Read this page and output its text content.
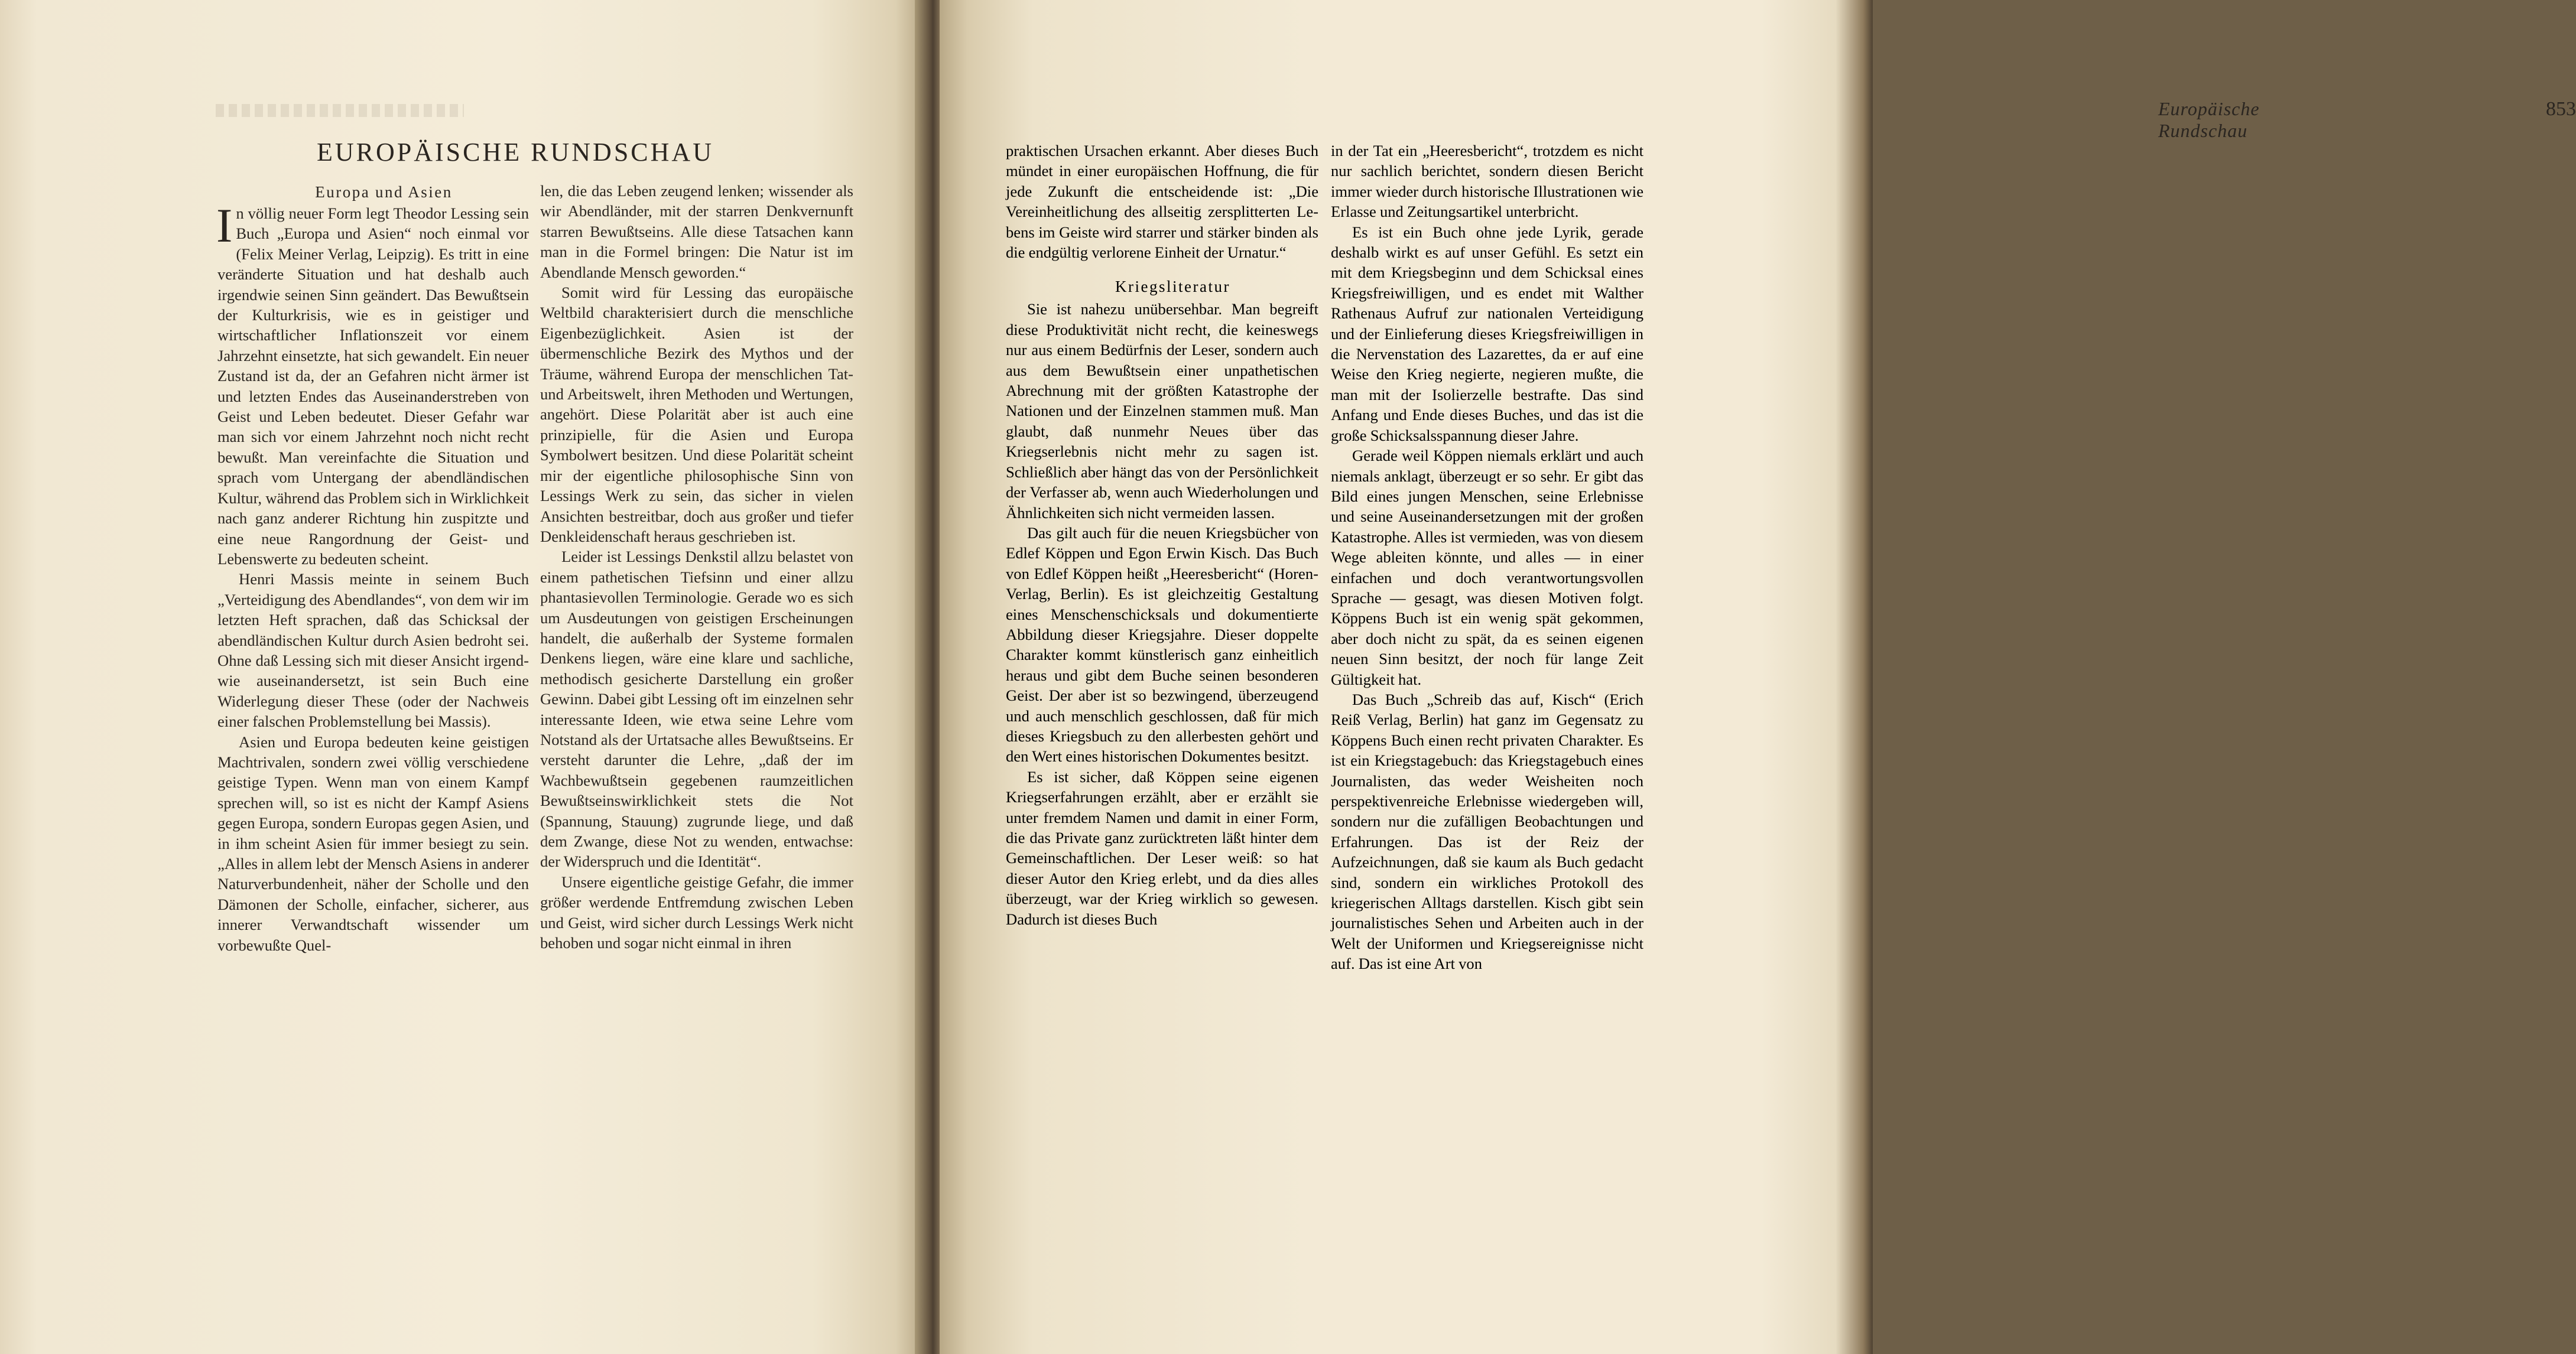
EUROPÄISCHE RUNDSCHAU

Europa und Asien

In völlig neuer Form legt Theodor Lessing sein Buch „Europa und Asien“ noch einmal vor (Felix Meiner Verlag, Leipzig). Es tritt in eine veränderte Situation und hat deshalb auch irgendwie seinen Sinn geändert. Das Bewußtsein der Kulturkrisis, wie es in geistiger und wirtschaftlicher Inflationszeit vor einem Jahrzehnt einsetzte, hat sich gewandelt. Ein neuer Zustand ist da, der an Gefahren nicht ärmer ist und letzten Endes das Auseinanderstreben von Geist und Leben bedeutet. Dieser Gefahr war man sich vor einem Jahrzehnt noch nicht recht bewußt. Man vereinfachte die Situation und sprach vom Untergang der abendländischen Kultur, während das Problem sich in Wirklichkeit nach ganz anderer Richtung hin zuspitzte und eine neue Rangordnung der Geist- und Lebenswerte zu bedeuten scheint.

Henri Massis meinte in seinem Buch „Verteidigung des Abendlandes“, von dem wir im letzten Heft sprachen, daß das Schicksal der abendländischen Kultur durch Asien bedroht sei. Ohne daß Lessing sich mit dieser Ansicht irgendwie auseinandersetzt, ist sein Buch eine Widerlegung dieser These (oder der Nachweis einer falschen Problemstellung bei Massis).

Asien und Europa bedeuten keine geistigen Machtrivalen, sondern zwei völlig verschiedene geistige Typen. Wenn man von einem Kampf sprechen will, so ist es nicht der Kampf Asiens gegen Europa, sondern Europas gegen Asien, und in ihm scheint Asien für immer besiegt zu sein. „Alles in allem lebt der Mensch Asiens in anderer Naturverbundenheit, näher der Scholle und den Dämonen der Scholle, einfacher, sicherer, aus innerer Verwandtschaft wissender um vorbewußte Quel-

len, die das Leben zeugend lenken; wissender als wir Abendländer, mit der starren Denkvernunft starren Bewußtseins. Alle diese Tatsachen kann man in die Formel bringen: Die Natur ist im Abendlande Mensch geworden.“

Somit wird für Lessing das europäische Weltbild charakterisiert durch die menschliche Eigenbezüglichkeit. Asien ist der übermenschliche Bezirk des Mythos und der Träume, während Europa der menschlichen Tat- und Arbeitswelt, ihren Methoden und Wertungen, angehört. Diese Polarität aber ist auch eine prinzipielle, für die Asien und Europa Symbolwert besitzen. Und diese Polarität scheint mir der eigentliche philosophische Sinn von Lessings Werk zu sein, das sicher in vielen Ansichten bestreitbar, doch aus großer und tiefer Denkleidenschaft heraus geschrieben ist.

Leider ist Lessings Denkstil allzu belastet von einem pathetischen Tiefsinn und einer allzu phantasievollen Terminologie. Gerade wo es sich um Ausdeutungen von geistigen Erscheinungen handelt, die außerhalb der Systeme formalen Denkens liegen, wäre eine klare und sachliche, methodisch gesicherte Darstellung ein großer Gewinn. Dabei gibt Lessing oft im einzelnen sehr interessante Ideen, wie etwa seine Lehre vom Notstand als der Urtatsache alles Bewußtseins. Er versteht darunter die Lehre, „daß der im Wachbewußtsein gegebenen raumzeitlichen Bewußtseinswirklichkeit stets die Not (Spannung, Stauung) zugrunde liege, und daß dem Zwange, diese Not zu wenden, entwachse: der Widerspruch und die Identität“.

Unsere eigentliche geistige Gefahr, die immer größer werdende Entfremdung zwischen Leben und Geist, wird sicher durch Lessings Werk nicht behoben und sogar nicht einmal in ihren

Europäische Rundschau
853

praktischen Ursachen erkannt. Aber dieses Buch mündet in einer europäischen Hoffnung, die für jede Zukunft die entscheidende ist: „Die Vereinheitlichung des allseitig zersplitterten Lebens im Geiste wird starrer und stärker binden als die endgültig verlorene Einheit der Urnatur.“

Kriegsliteratur

Sie ist nahezu unübersehbar. Man begreift diese Produktivität nicht recht, die keineswegs nur aus einem Bedürfnis der Leser, sondern auch aus dem Bewußtsein einer unpathetischen Abrechnung mit der größten Katastrophe der Nationen und der Einzelnen stammen muß. Man glaubt, daß nunmehr Neues über das Kriegserlebnis nicht mehr zu sagen ist. Schließlich aber hängt das von der Persönlichkeit der Verfasser ab, wenn auch Wiederholungen und Ähnlichkeiten sich nicht vermeiden lassen.

Das gilt auch für die neuen Kriegsbücher von Edlef Köppen und Egon Erwin Kisch. Das Buch von Edlef Köppen heißt „Heeresbericht“ (Horen-Verlag, Berlin). Es ist gleichzeitig Gestaltung eines Menschenschicksals und dokumentierte Abbildung dieser Kriegsjahre. Dieser doppelte Charakter kommt künstlerisch ganz einheitlich heraus und gibt dem Buche seinen besonderen Geist. Der aber ist so bezwingend, überzeugend und auch menschlich geschlossen, daß für mich dieses Kriegsbuch zu den allerbesten gehört und den Wert eines historischen Dokumentes besitzt.

Es ist sicher, daß Köppen seine eigenen Kriegserfahrungen erzählt, aber er erzählt sie unter fremdem Namen und damit in einer Form, die das Private ganz zurücktreten läßt hinter dem Gemeinschaftlichen. Der Leser weiß: so hat dieser Autor den Krieg erlebt, und da dies alles überzeugt, war der Krieg wirklich so gewesen. Dadurch ist dieses Buch

in der Tat ein „Heeresbericht“, trotzdem es nicht nur sachlich berichtet, sondern diesen Bericht immer wieder durch historische Illustrationen wie Erlasse und Zeitungsartikel unterbricht.

Es ist ein Buch ohne jede Lyrik, gerade deshalb wirkt es auf unser Gefühl. Es setzt ein mit dem Kriegsbeginn und dem Schicksal eines Kriegsfreiwilligen, und es endet mit Walther Rathenaus Aufruf zur nationalen Verteidigung und der Einlieferung dieses Kriegsfreiwilligen in die Nervenstation des Lazarettes, da er auf eine Weise den Krieg negierte, negieren mußte, die man mit der Isolierzelle bestrafte. Das sind Anfang und Ende dieses Buches, und das ist die große Schicksalsspannung dieser Jahre.

Gerade weil Köppen niemals erklärt und auch niemals anklagt, überzeugt er so sehr. Er gibt das Bild eines jungen Menschen, seine Erlebnisse und seine Auseinandersetzungen mit der großen Katastrophe. Alles ist vermieden, was von diesem Wege ableiten könnte, und alles — in einer einfachen und doch verantwortungsvollen Sprache — gesagt, was diesen Motiven folgt. Köppens Buch ist ein wenig spät gekommen, aber doch nicht zu spät, da es seinen eigenen neuen Sinn besitzt, der noch für lange Zeit Gültigkeit hat.

Das Buch „Schreib das auf, Kisch“ (Erich Reiß Verlag, Berlin) hat ganz im Gegensatz zu Köppens Buch einen recht privaten Charakter. Es ist ein Kriegstagebuch: das Kriegstagebuch eines Journalisten, das weder Weisheiten noch perspektivenreiche Erlebnisse wiedergeben will, sondern nur die zufälligen Beobachtungen und Erfahrungen. Das ist der Reiz der Aufzeichnungen, daß sie kaum als Buch gedacht sind, sondern ein wirkliches Protokoll des kriegerischen Alltags darstellen. Kisch gibt sein journalistisches Sehen und Arbeiten auch in der Welt der Uniformen und Kriegsereignisse nicht auf. Das ist eine Art von
